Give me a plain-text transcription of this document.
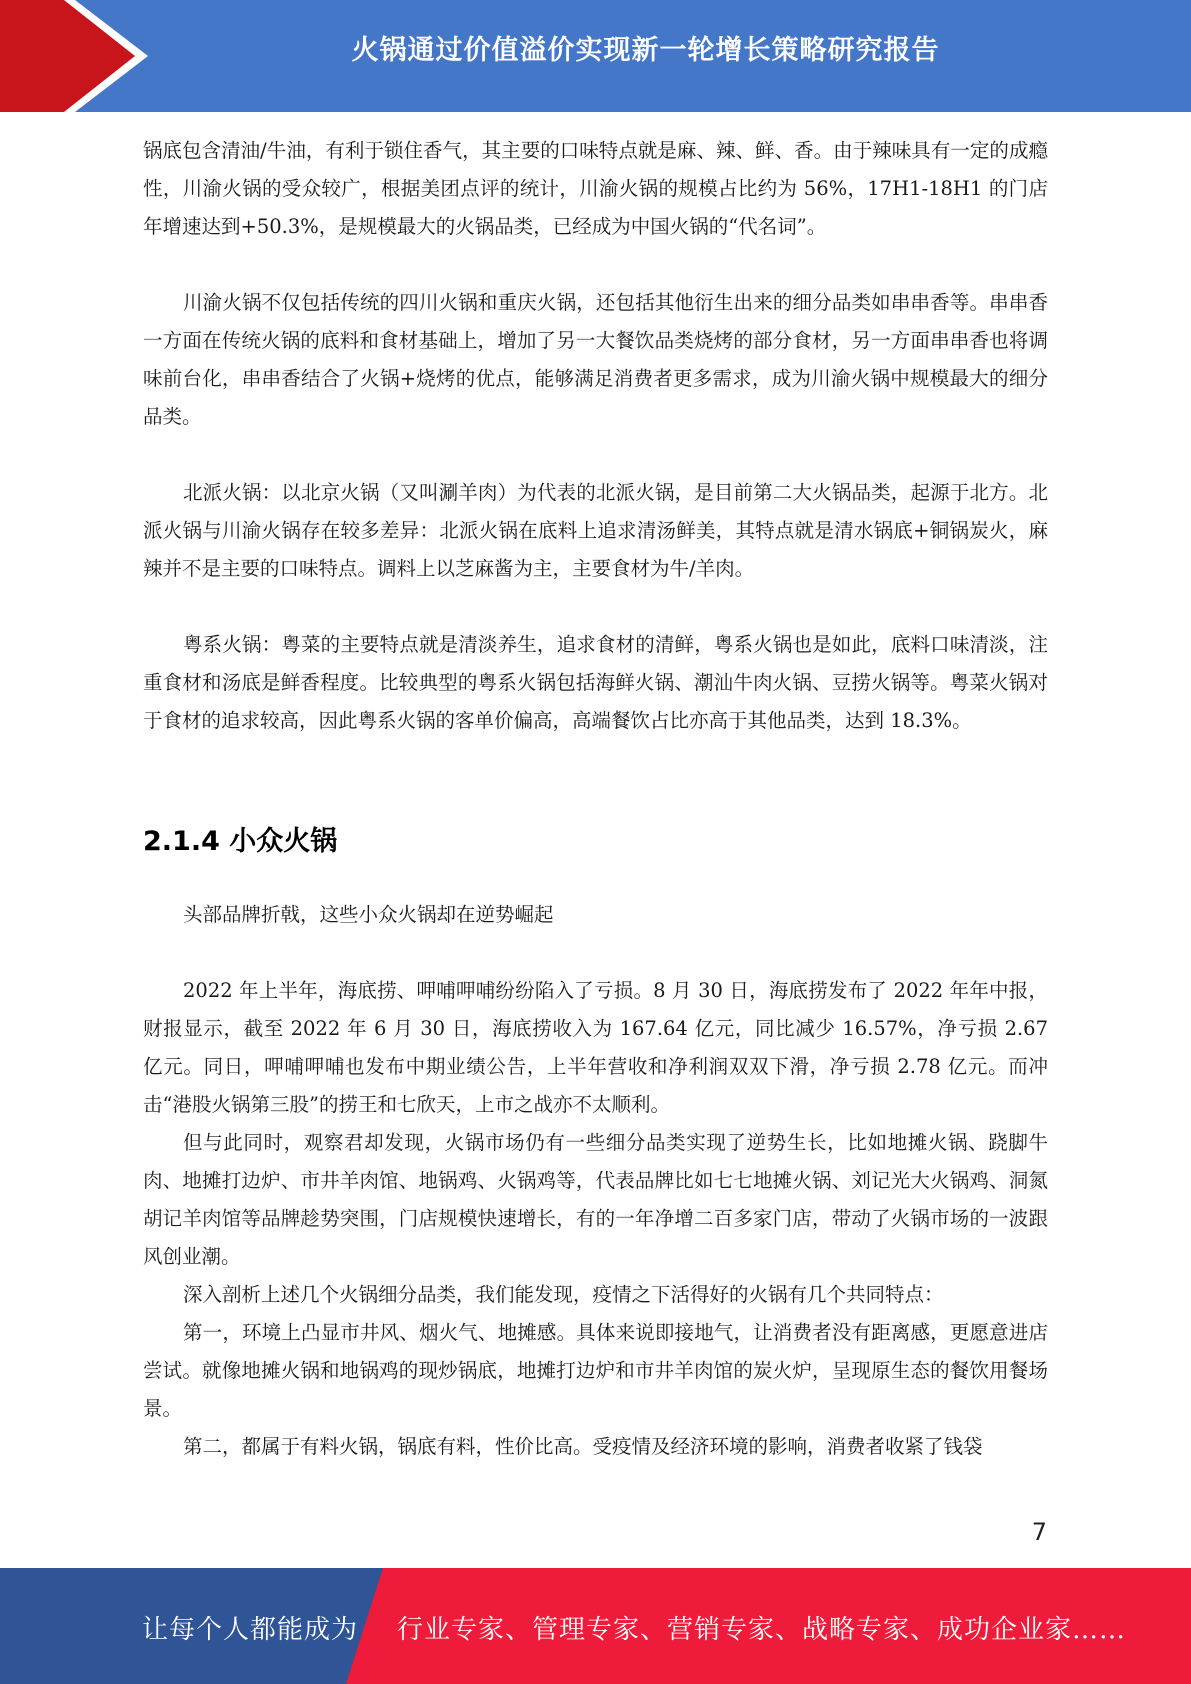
火锅通过价值溢价实现新一轮增长策略研究报告

锅底包含清油/牛油，有利于锁住香气，其主要的口味特点就是麻、辣、鲜、香。由于辣味具有一定的成瘾性，川渝火锅的受众较广，根据美团点评的统计，川渝火锅的规模占比约为 56%，17H1-18H1 的门店年增速达到+50.3%，是规模最大的火锅品类，已经成为中国火锅的“代名词”。

川渝火锅不仅包括传统的四川火锅和重庆火锅，还包括其他衍生出来的细分品类如串串香等。串串香一方面在传统火锅的底料和食材基础上，增加了另一大餐饮品类烧烤的部分食材，另一方面串串香也将调味前台化，串串香结合了火锅+烧烤的优点，能够满足消费者更多需求，成为川渝火锅中规模最大的细分品类。

北派火锅：以北京火锅（又叫涮羊肉）为代表的北派火锅，是目前第二大火锅品类，起源于北方。北派火锅与川渝火锅存在较多差异：北派火锅在底料上追求清汤鲜美，其特点就是清水锅底+铜锅炭火，麻辣并不是主要的口味特点。调料上以芝麻酱为主，主要食材为牛/羊肉。

粤系火锅：粤菜的主要特点就是清淡养生，追求食材的清鲜，粤系火锅也是如此，底料口味清淡，注重食材和汤底是鲜香程度。比较典型的粤系火锅包括海鲜火锅、潮汕牛肉火锅、豆捞火锅等。粤菜火锅对于食材的追求较高，因此粤系火锅的客单价偏高，高端餐饮占比亦高于其他品类，达到 18.3%。

2.1.4 小众火锅

头部品牌折戟，这些小众火锅却在逆势崛起

2022 年上半年，海底捞、呷哺呷哺纷纷陷入了亏损。8 月 30 日，海底捞发布了 2022 年年中报，财报显示，截至 2022 年 6 月 30 日，海底捞收入为 167.64 亿元，同比减少 16.57%，净亏损 2.67 亿元。同日，呷哺呷哺也发布中期业绩公告，上半年营收和净利润双双下滑，净亏损 2.78 亿元。而冲击“港股火锅第三股”的捞王和七欣天，上市之战亦不太顺利。

但与此同时，观察君却发现，火锅市场仍有一些细分品类实现了逆势生长，比如地摊火锅、跷脚牛肉、地摊打边炉、市井羊肉馆、地锅鸡、火锅鸡等，代表品牌比如七七地摊火锅、刘记光大火锅鸡、洞氮胡记羊肉馆等品牌趁势突围，门店规模快速增长，有的一年净增二百多家门店，带动了火锅市场的一波跟风创业潮。

深入剖析上述几个火锅细分品类，我们能发现，疫情之下活得好的火锅有几个共同特点：

第一，环境上凸显市井风、烟火气、地摊感。具体来说即接地气，让消费者没有距离感，更愿意进店尝试。就像地摊火锅和地锅鸡的现炒锅底，地摊打边炉和市井羊肉馆的炭火炉，呈现原生态的餐饮用餐场景。

第二，都属于有料火锅，锅底有料，性价比高。受疫情及经济环境的影响，消费者收紧了钱袋

7
让每个人都能成为 行业专家、管理专家、营销专家、战略专家、成功企业家……
